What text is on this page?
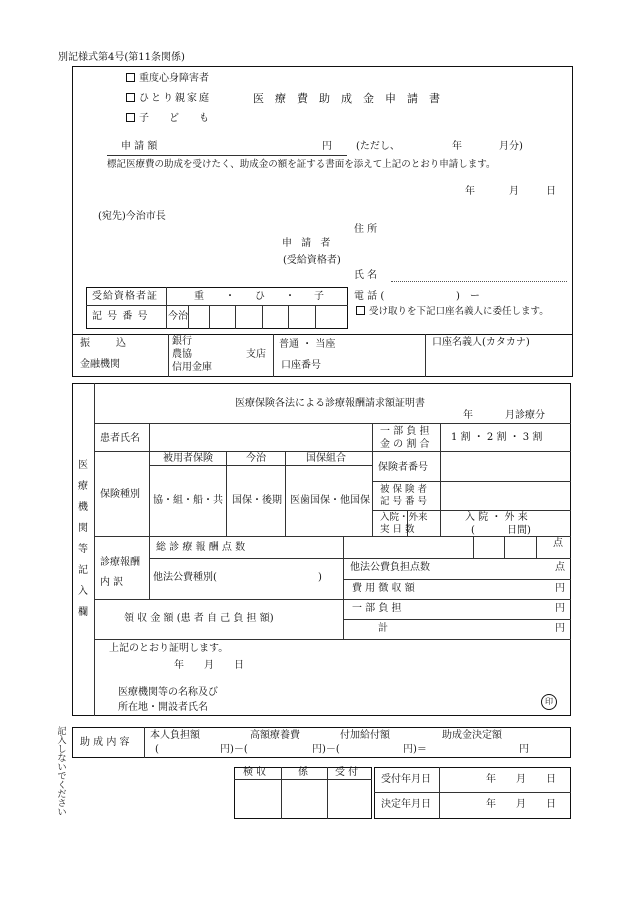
別記様式第4号(第11条関係)
重度心身障害者
ひとり親家庭
子　　ど　　も
医　療　費　助　成　金　申　請　書
申 請 額	円 (ただし、	年	月分)
標記医療費の助成を受けたく、助成金の額を証する書面を添えて上記のとおり申請します。
年	月	日
(宛先)今治市長
住 所
申 請 者
(受給資格者)
氏 名
受給資格者証	重 ・ ひ ・ 子
記 号 番 号 今治
電 話 (	)　ー
受け取りを下記口座名義人に委任します。
振　　込
金融機関
銀行
農協
信用金庫
支店
普通 ・ 当座
口座番号
口座名義人(カタカナ)
医
療
機
関
等
記
入
欄
医療保険各法による診療報酬請求額証明書
年	月診療分
患者氏名
一 部 負 担 金 の 割 合
1 割 ・ 2 割 ・ 3 割
保険種別
被用者保険	今治	国保組合
協・組・船・共 国保・後期 医歯国保・他国保
保険者番号
被 保 険 者 記 号 番 号
入院・外来 実 日 数
入 院 ・ 外 来
(	日間)
診療報酬 内 訳
総 診 療 報 酬 点 数	点
他法公費種別(	)
他法公費負担点数	点
費 用 徴 収 額	円
領 収 金 額 (患 者 自 己 負 担 額)
一 部 負 担	円
計	円
上記のとおり証明します。
年　　月　　日
医療機関等の名称及び
所在地・開設者氏名
印
記
入
し
な
い
で
く
だ
さ
い
助 成 内 容
本人負担額	高額療養費	付加給付額	助成金決定額
(	円)－(	円)－(	円)＝	円
検 収	係	受 付
受付年月日	年　　月　　日
決定年月日	年　　月　　日
